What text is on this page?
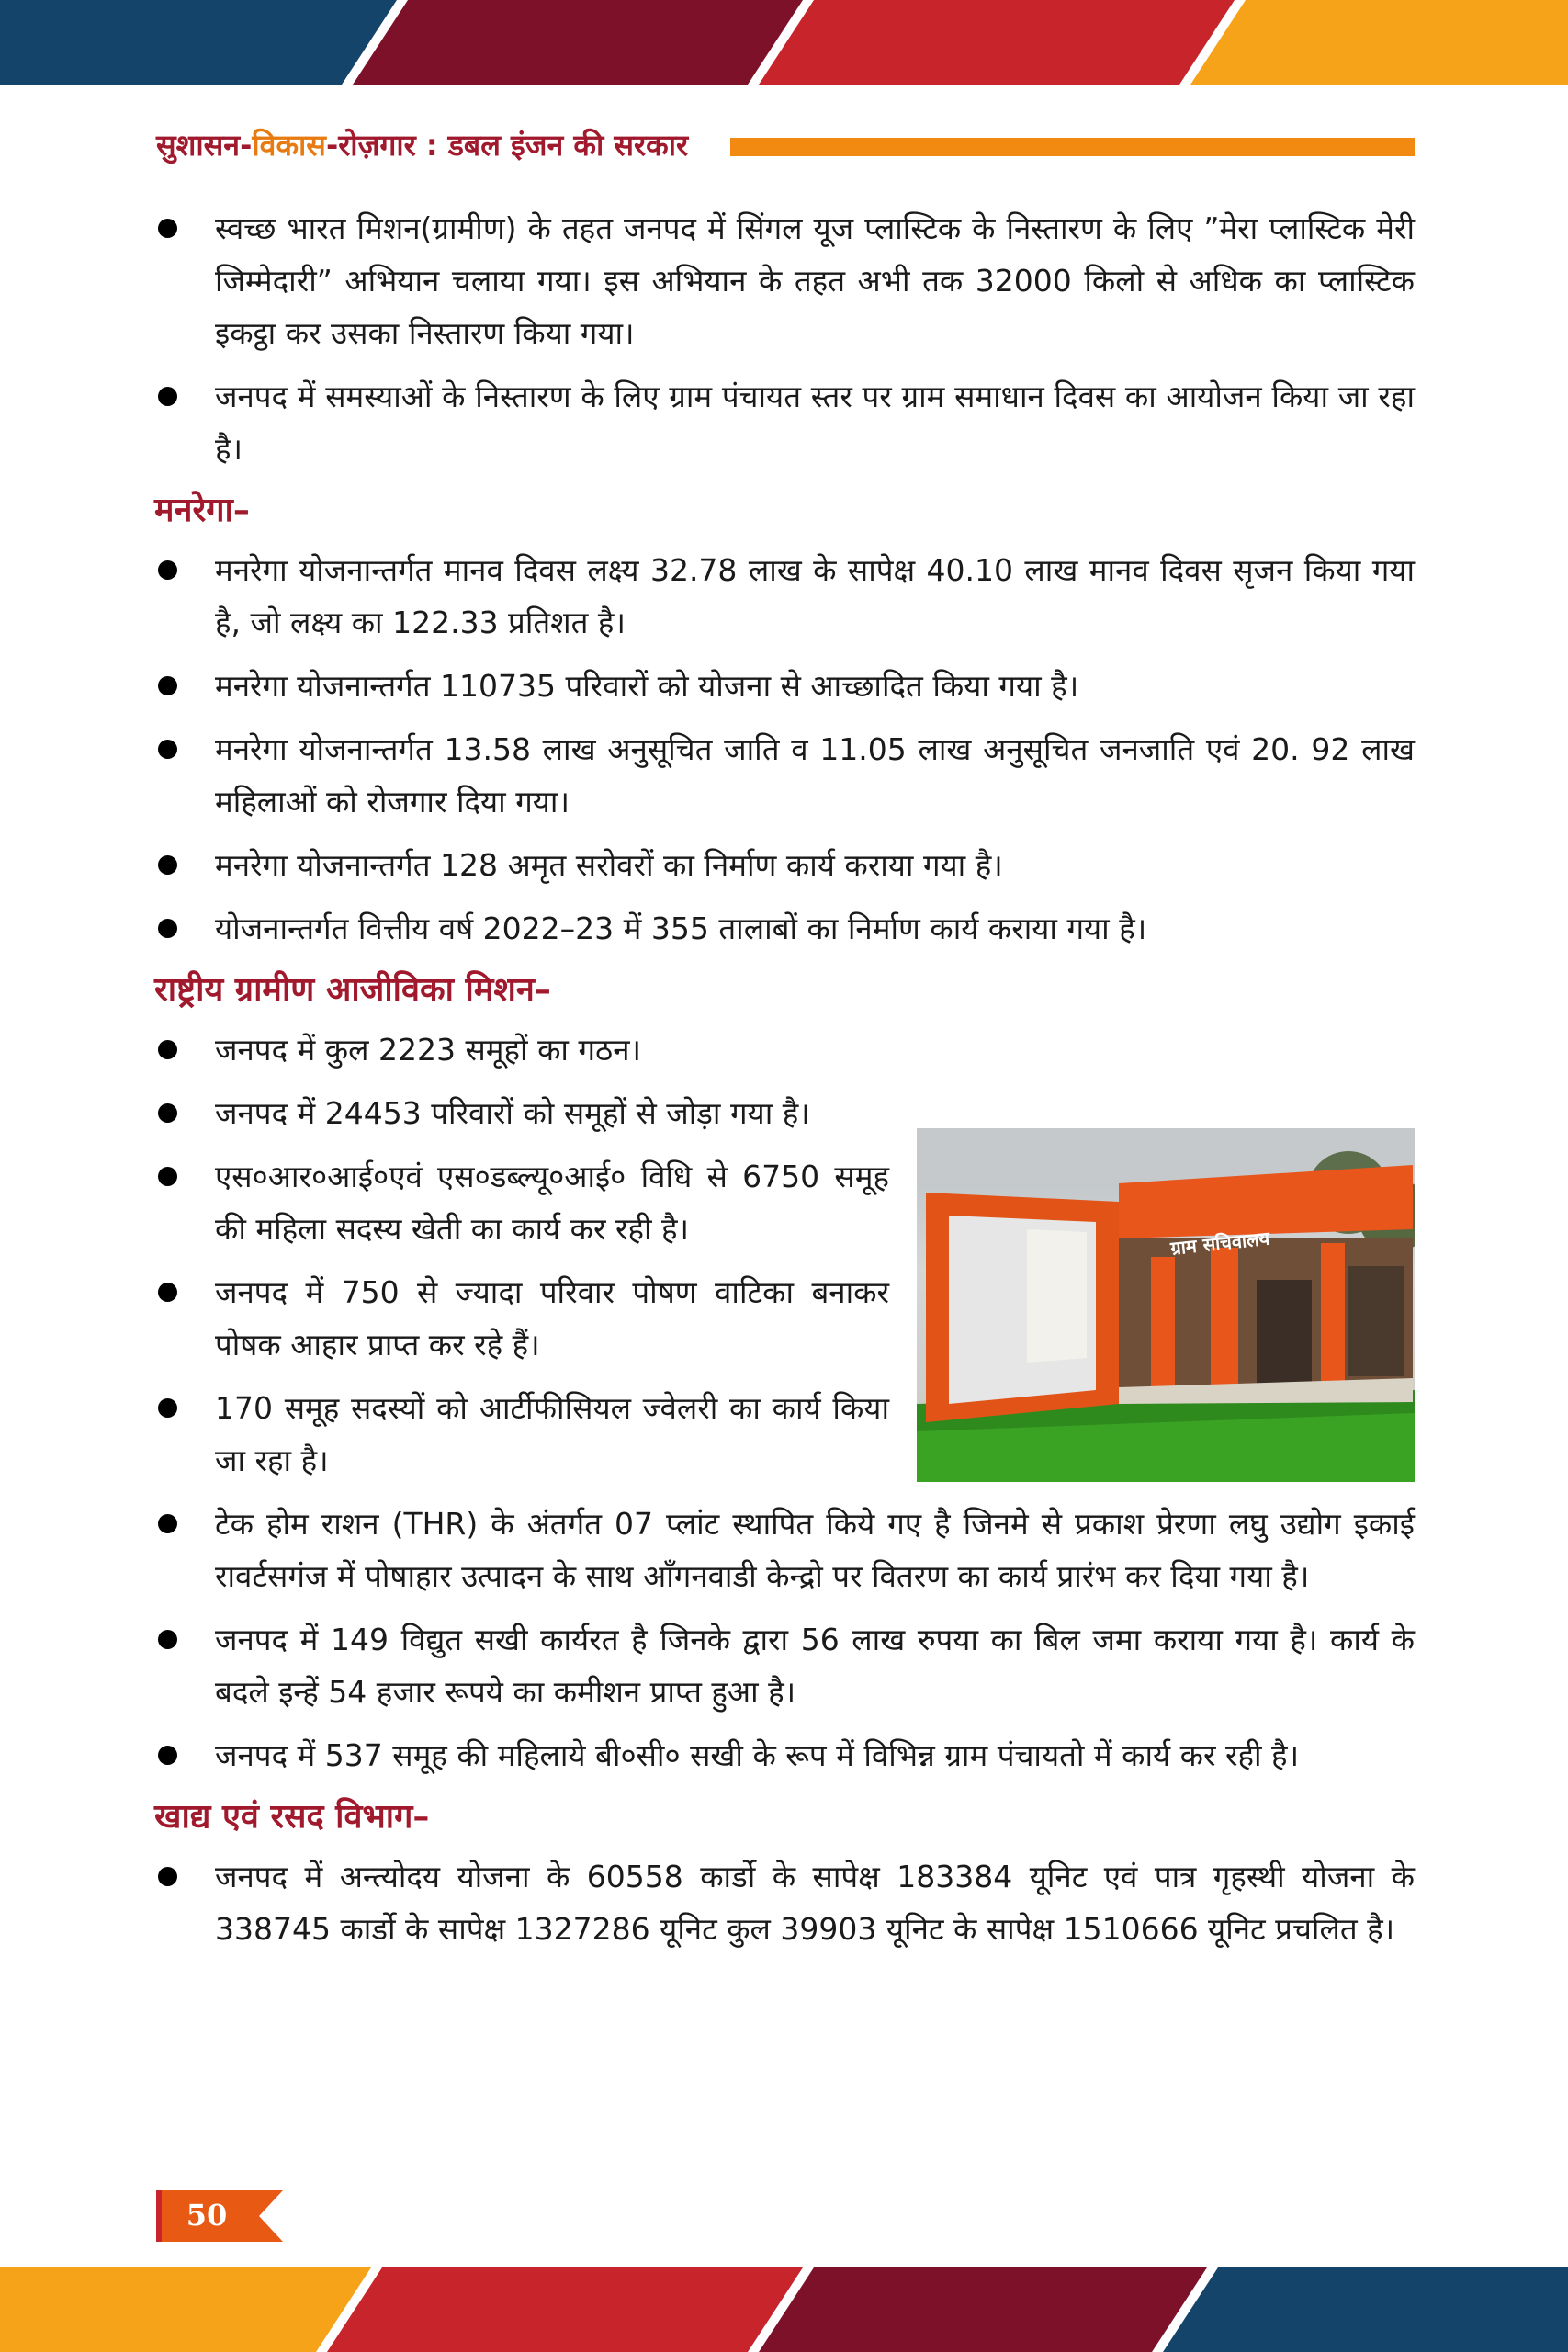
सुशासन-विकास-रोज़गार : डबल इंजन की सरकार
स्वच्छ भारत मिशन(ग्रामीण) के तहत जनपद में सिंगल यूज प्लास्टिक के निस्तारण के लिए ”मेरा प्लास्टिक मेरी जिम्मेदारी” अभियान चलाया गया। इस अभियान के तहत अभी तक 32000 किलो से अधिक का प्लास्टिक इकट्ठा कर उसका निस्तारण किया गया।
जनपद में समस्याओं के निस्तारण के लिए ग्राम पंचायत स्तर पर ग्राम समाधान दिवस का आयोजन किया जा रहा है।
मनरेगा–
मनरेगा योजनान्तर्गत मानव दिवस लक्ष्य 32.78 लाख के सापेक्ष 40.10 लाख मानव दिवस सृजन किया गया है, जो लक्ष्य का 122.33 प्रतिशत है।
मनरेगा योजनान्तर्गत 110735 परिवारों को योजना से आच्छादित किया गया है।
मनरेगा योजनान्तर्गत 13.58 लाख अनुसूचित जाति व 11.05 लाख अनुसूचित जनजाति एवं 20. 92 लाख महिलाओं को रोजगार दिया गया।
मनरेगा योजनान्तर्गत 128 अमृत सरोवरों का निर्माण कार्य कराया गया है।
योजनान्तर्गत वित्तीय वर्ष 2022–23 में 355 तालाबों का निर्माण कार्य कराया गया है।
राष्ट्रीय ग्रामीण आजीविका मिशन–
जनपद में कुल 2223 समूहों का गठन।
जनपद में 24453 परिवारों को समूहों से जोड़ा गया है।
एस०आर०आई०एवं एस०डब्ल्यू०आई० विधि से 6750 समूह की महिला सदस्य खेती का कार्य कर रही है।
जनपद में 750 से ज्यादा परिवार पोषण वाटिका बनाकर पोषक आहार प्राप्त कर रहे हैं।
170 समूह सदस्यों को आर्टीफीसियल ज्वेलरी का कार्य किया जा रहा है।
ग्राम सचिवालय
टेक होम राशन (THR) के अंतर्गत 07 प्लांट स्थापित किये गए है जिनमे से प्रकाश प्रेरणा लघु उद्योग इकाई रावर्टसगंज में पोषाहार उत्पादन के साथ आँगनवाडी केन्द्रो पर वितरण का कार्य प्रारंभ कर दिया गया है।
जनपद में 149 विद्युत सखी कार्यरत है जिनके द्वारा 56 लाख रुपया का बिल जमा कराया गया है। कार्य के बदले इन्हें 54 हजार रूपये का कमीशन प्राप्त हुआ है।
जनपद में 537 समूह की महिलाये बी०सी० सखी के रूप में विभिन्न ग्राम पंचायतो में कार्य कर रही है।
खाद्य एवं रसद विभाग–
जनपद में अन्त्योदय योजना के 60558 कार्डो के सापेक्ष 183384 यूनिट एवं पात्र गृहस्थी योजना के 338745 कार्डो के सापेक्ष 1327286 यूनिट कुल 39903 यूनिट के सापेक्ष 1510666 यूनिट प्रचलित है।
50
